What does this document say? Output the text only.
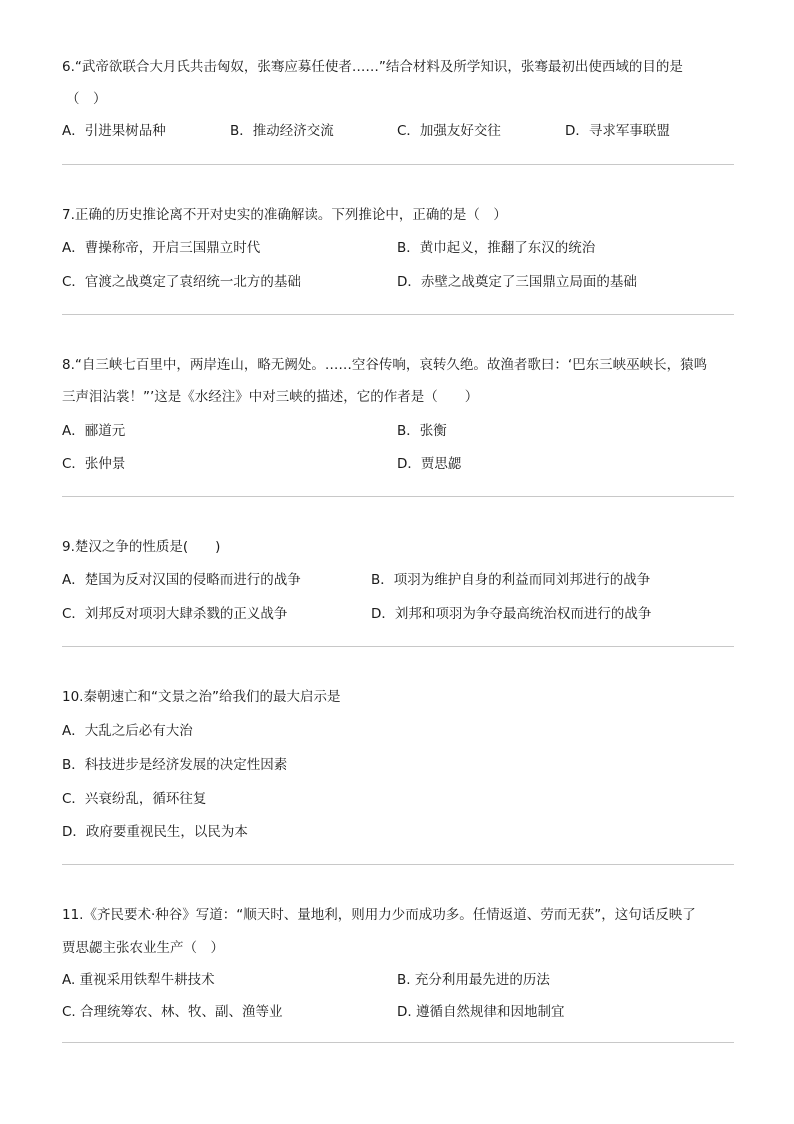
6.“武帝欲联合大月氏共击匈奴，张骞应募任使者……”结合材料及所学知识，张骞最初出使西域的目的是
（　）
A．引进果树品种	B．推动经济交流	C．加强友好交往	D．寻求军事联盟
7.正确的历史推论离不开对史实的准确解读。下列推论中，正确的是（　）
A．曹操称帝，开启三国鼎立时代	B．黄巾起义，推翻了东汉的统治
C．官渡之战奠定了袁绍统一北方的基础	D．赤壁之战奠定了三国鼎立局面的基础
8.“自三峡七百里中，两岸连山，略无阙处。……空谷传响，哀转久绝。故渔者歌曰：‘巴东三峡巫峡长，猿鸣
三声泪沾裳！”’这是《水经注》中对三峡的描述，它的作者是（　　）
A．郦道元	B．张衡
C．张仲景	D．贾思勰
9.楚汉之争的性质是(　　)
A．楚国为反对汉国的侵略而进行的战争	B．项羽为维护自身的利益而同刘邦进行的战争
C．刘邦反对项羽大肆杀戮的正义战争	D．刘邦和项羽为争夺最高统治权而进行的战争
10.秦朝速亡和“文景之治”给我们的最大启示是
A．大乱之后必有大治
B．科技进步是经济发展的决定性因素
C．兴衰纷乱，循环往复
D．政府要重视民生，以民为本
11.《齐民要术·种谷》写道：“顺天时、量地利，则用力少而成功多。任情返道、劳而无获”，这句话反映了
贾思勰主张农业生产（　）
A. 重视采用铁犁牛耕技术	B. 充分利用最先进的历法
C. 合理统筹农、林、牧、副、渔等业	D. 遵循自然规律和因地制宜
